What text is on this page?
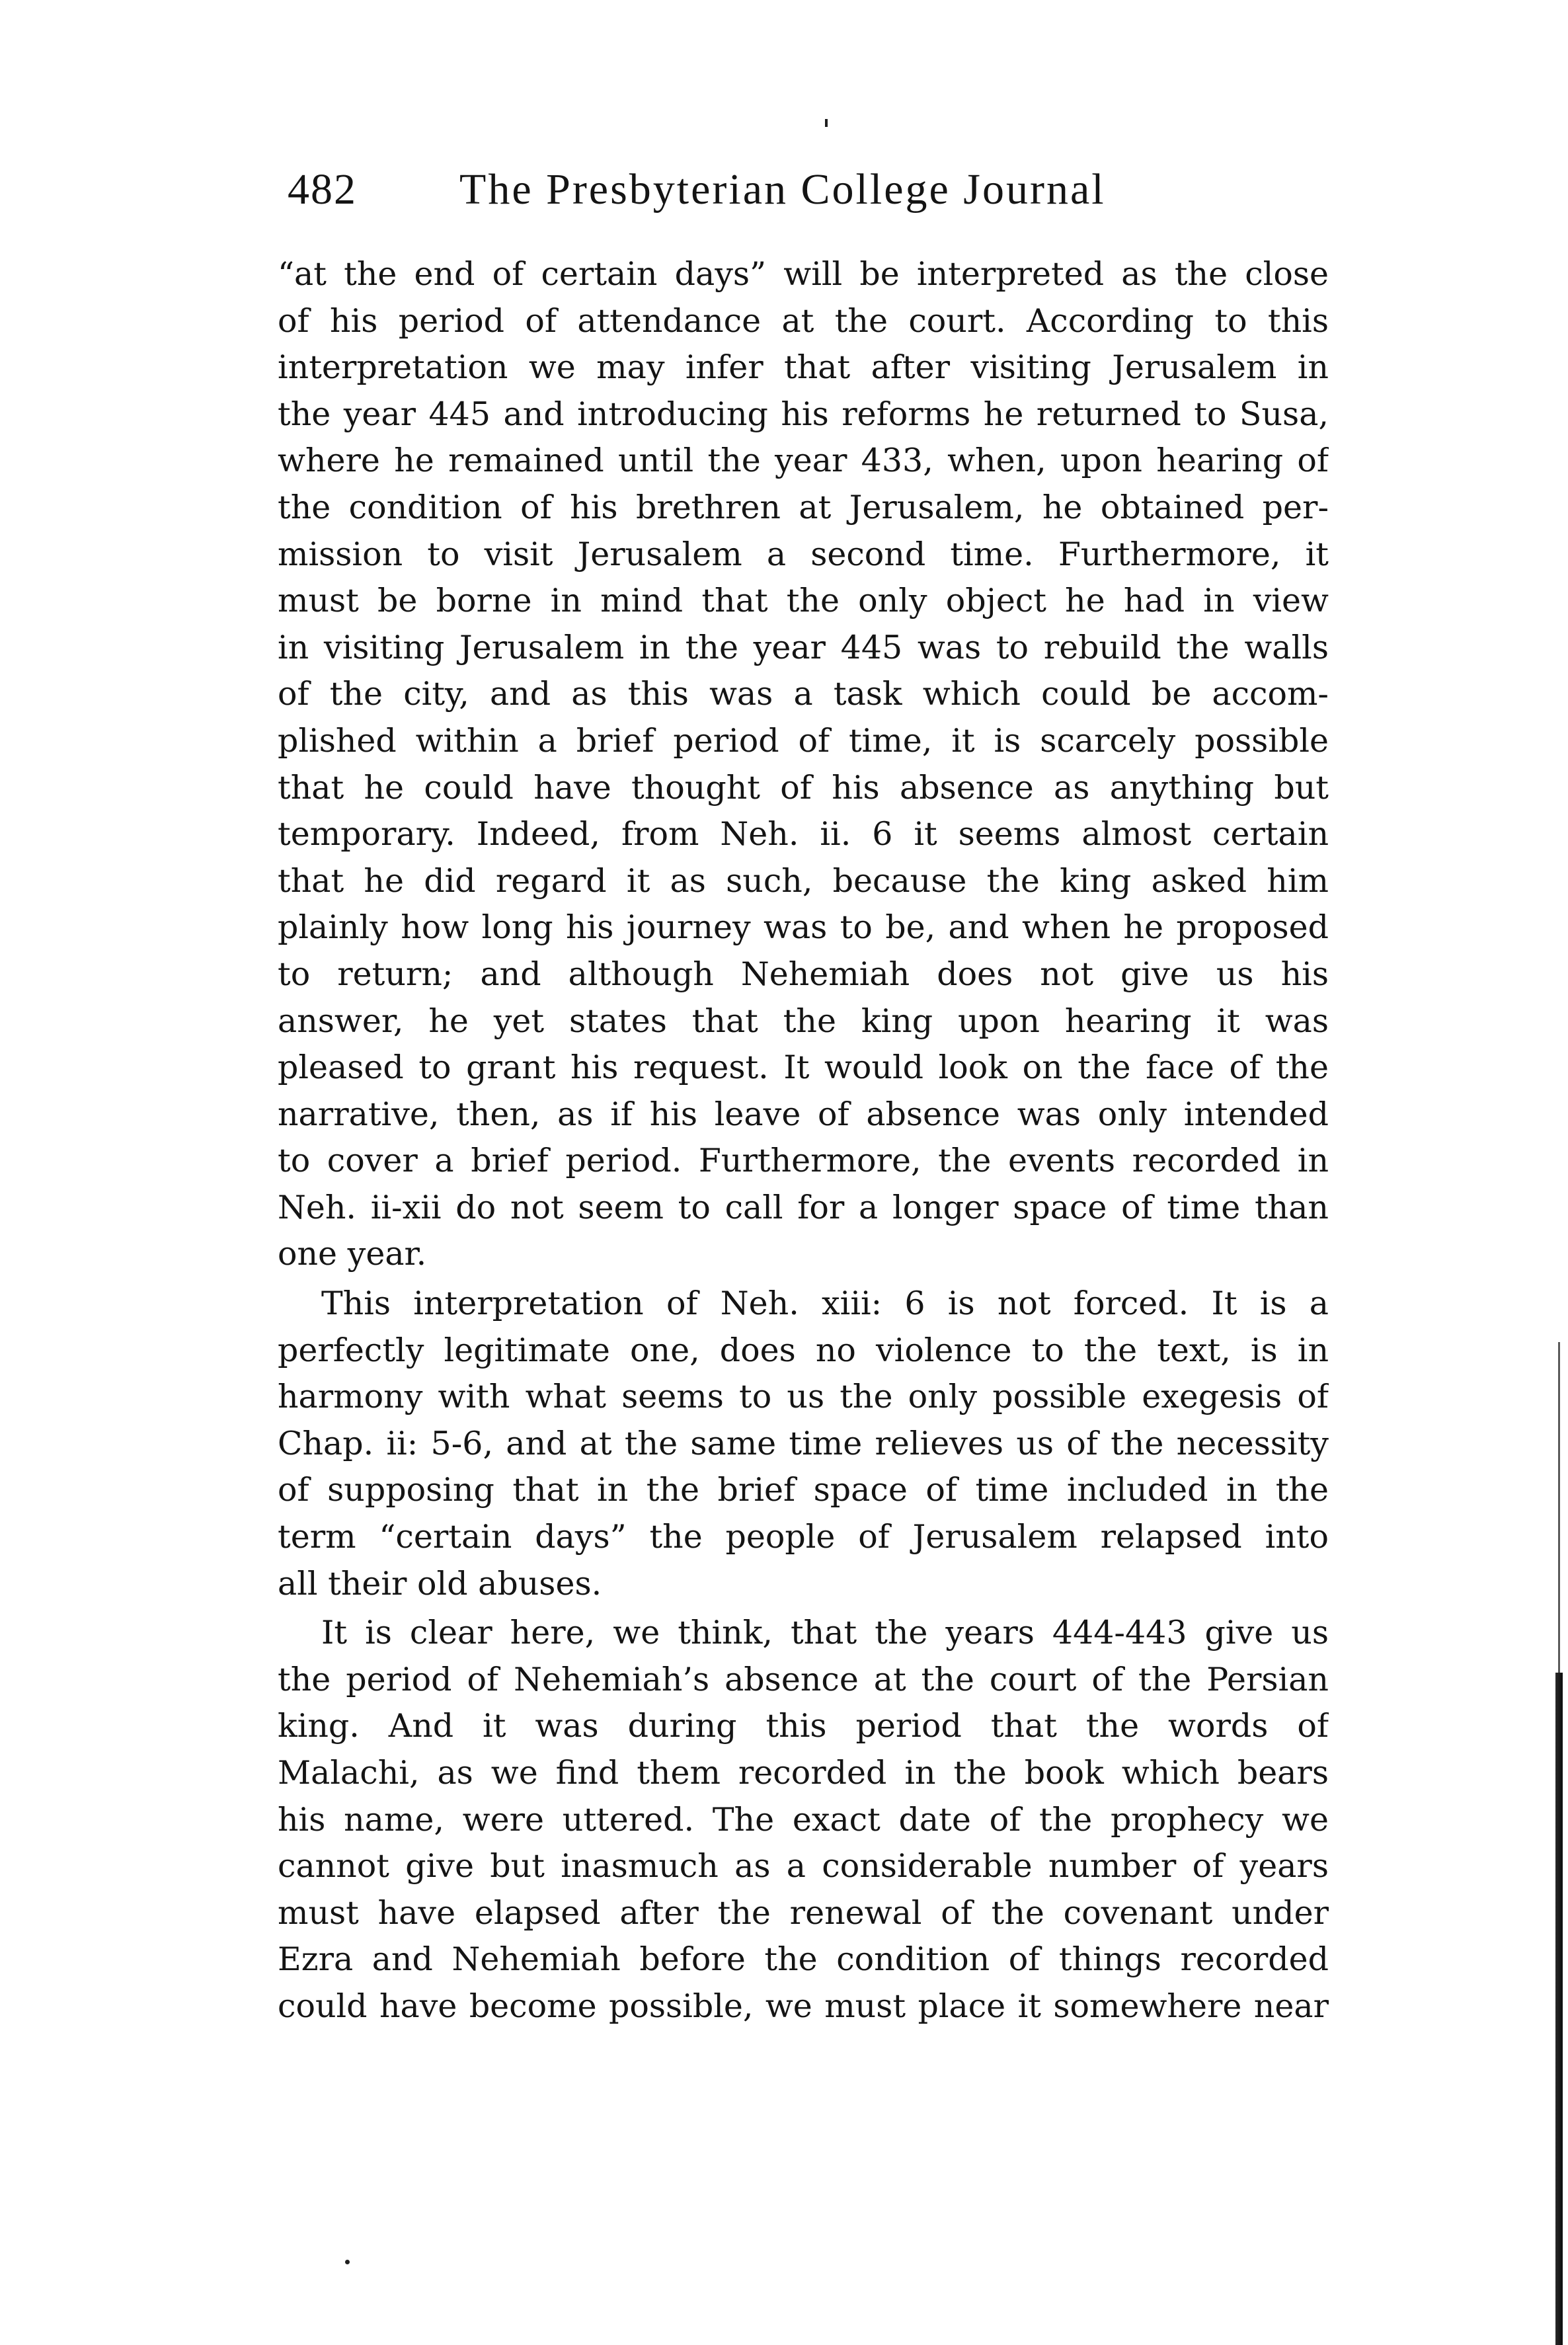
482 The Presbyterian College Journal
“at the end of certain days” will be interpreted as the close
of his period of attendance at the court. According to this
interpretation we may infer that after visiting Jerusalem in
the year 445 and introducing his reforms he returned to Susa,
where he remained until the year 433, when, upon hearing of
the condition of his brethren at Jerusalem, he obtained per-
mission to visit Jerusalem a second time. Furthermore, it
must be borne in mind that the only object he had in view
in visiting Jerusalem in the year 445 was to rebuild the walls
of the city, and as this was a task which could be accom-
plished within a brief period of time, it is scarcely possible
that he could have thought of his absence as anything but
temporary. Indeed, from Neh. ii. 6 it seems almost certain
that he did regard it as such, because the king asked him
plainly how long his journey was to be, and when he proposed
to return; and although Nehemiah does not give us his
answer, he yet states that the king upon hearing it was
pleased to grant his request. It would look on the face of the
narrative, then, as if his leave of absence was only intended
to cover a brief period. Furthermore, the events recorded in
Neh. ii-xii do not seem to call for a longer space of time than
one year.
This interpretation of Neh. xiii: 6 is not forced. It is a
perfectly legitimate one, does no violence to the text, is in
harmony with what seems to us the only possible exegesis of
Chap. ii: 5-6, and at the same time relieves us of the necessity
of supposing that in the brief space of time included in the
term “certain days” the people of Jerusalem relapsed into
all their old abuses.
It is clear here, we think, that the years 444-443 give us
the period of Nehemiah’s absence at the court of the Persian
king. And it was during this period that the words of
Malachi, as we find them recorded in the book which bears
his name, were uttered. The exact date of the prophecy we
cannot give but inasmuch as a considerable number of years
must have elapsed after the renewal of the covenant under
Ezra and Nehemiah before the condition of things recorded
could have become possible, we must place it somewhere near
